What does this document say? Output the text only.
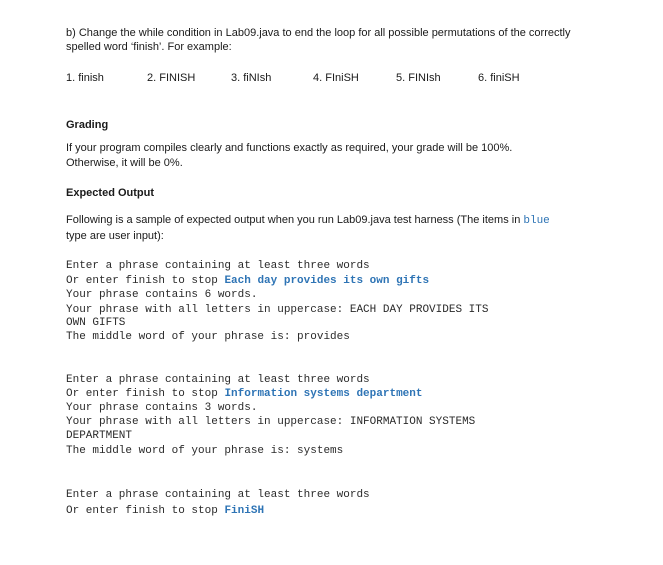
b) Change the while condition in Lab09.java to end the loop for all possible permutations of the correctly
spelled word ‘finish’. For example:
1. finish	2. FINISH	3. fiNIsh	4. FIniSH	5. FINIsh	6. finiSH
Grading
If your program compiles clearly and functions exactly as required, your grade will be 100%.
Otherwise, it will be 0%.
Expected Output
Following is a sample of expected output when you run Lab09.java test harness (The items in blue
type are user input):
Enter a phrase containing at least three words
Or enter finish to stop Each day provides its own gifts
Your phrase contains 6 words.
Your phrase with all letters in uppercase: EACH DAY PROVIDES ITS
OWN GIFTS
The middle word of your phrase is: provides
Enter a phrase containing at least three words
Or enter finish to stop Information systems department
Your phrase contains 3 words.
Your phrase with all letters in uppercase: INFORMATION SYSTEMS
DEPARTMENT
The middle word of your phrase is: systems
Enter a phrase containing at least three words
Or enter finish to stop FiniSH
